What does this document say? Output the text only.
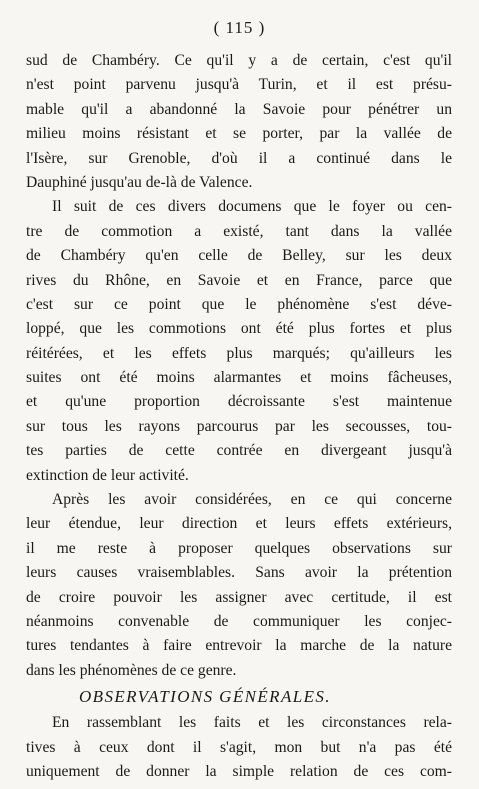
( 115 )
sud de Chambéry. Ce qu'il y a de certain, c'est qu'il
n'est point parvenu jusqu'à Turin, et il est présu-
mable qu'il a abandonné la Savoie pour pénétrer un
milieu moins résistant et se porter, par la vallée de
l'Isère, sur Grenoble, d'où il a continué dans le
Dauphiné jusqu'au de-là de Valence.
Il suit de ces divers documens que le foyer ou cen-
tre de commotion a existé, tant dans la vallée
de Chambéry qu'en celle de Belley, sur les deux
rives du Rhône, en Savoie et en France, parce que
c'est sur ce point que le phénomène s'est déve-
loppé, que les commotions ont été plus fortes et plus
réitérées, et les effets plus marqués; qu'ailleurs les
suites ont été moins alarmantes et moins fâcheuses,
et qu'une proportion décroissante s'est maintenue
sur tous les rayons parcourus par les secousses, tou-
tes parties de cette contrée en divergeant jusqu'à
extinction de leur activité.
Après les avoir considérées, en ce qui concerne
leur étendue, leur direction et leurs effets extérieurs,
il me reste à proposer quelques observations sur
leurs causes vraisemblables. Sans avoir la prétention
de croire pouvoir les assigner avec certitude, il est
néanmoins convenable de communiquer les conjec-
tures tendantes à faire entrevoir la marche de la nature
dans les phénomènes de ce genre.
OBSERVATIONS GÉNÉRALES.
En rassemblant les faits et les circonstances rela-
tives à ceux dont il s'agit, mon but n'a pas été
uniquement de donner la simple relation de ces com-
